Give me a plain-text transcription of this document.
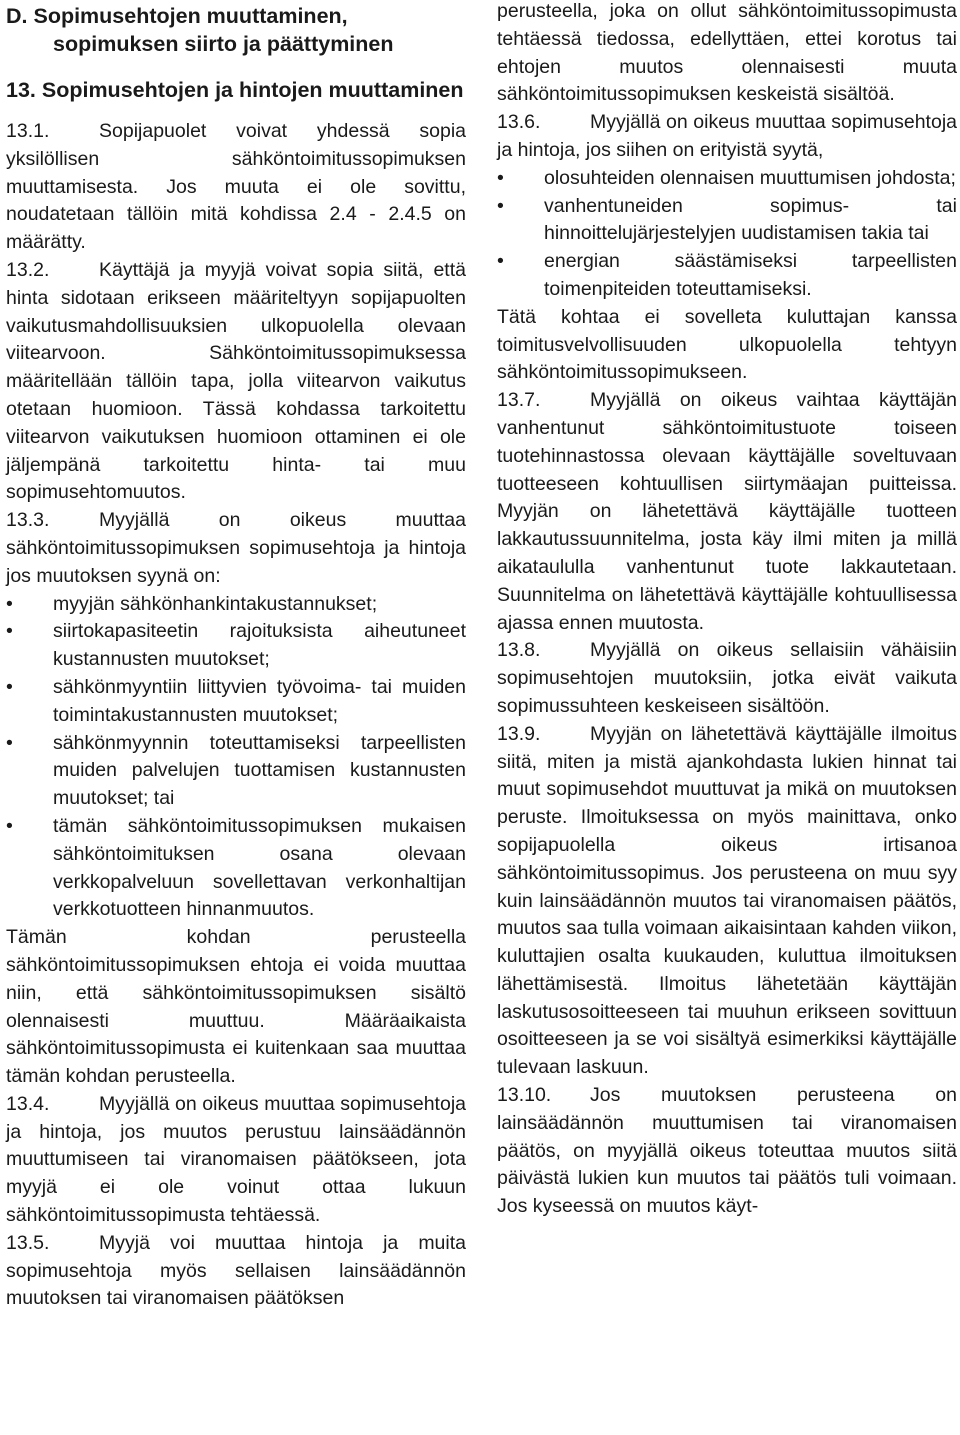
D. Sopimusehtojen muuttaminen, sopimuksen siirto ja päättyminen
13. Sopimusehtojen ja hintojen muuttaminen

13.1.	Sopijapuolet voivat yhdessä sopia yksilöllisen sähköntoimitussopimuksen muuttamisesta. Jos muuta ei ole sovittu, noudatetaan tällöin mitä kohdissa 2.4 - 2.4.5 on määrätty.

13.2.	Käyttäjä ja myyjä voivat sopia siitä, että hinta sidotaan erikseen määriteltyyn sopijapuolten vaikutusmahdollisuuksien ulkopuolella olevaan viitearvoon. Sähköntoimitussopimuksessa määritellään tällöin tapa, jolla viitearvon vaikutus otetaan huomioon. Tässä kohdassa tarkoitettu viitearvon vaikutuksen huomioon ottaminen ei ole jäljempänä tarkoitettu hinta- tai muu sopimusehtomuutos.

13.3.	Myyjällä on oikeus muuttaa sähköntoimitussopimuksen sopimusehtoja ja hintoja jos muutoksen syynä on:

• myyjän sähkönhankintakustannukset;
• siirtokapasiteetin rajoituksista aiheutuneet kustannusten muutokset;
• sähkönmyyntiin liittyvien työvoima- tai muiden toimintakustannusten muutokset;
• sähkönmyynnin toteuttamiseksi tarpeellisten muiden palvelujen tuottamisen kustannusten muutokset; tai
• tämän sähköntoimitussopimuksen mukaisen sähköntoimituksen osana olevaan verkkopalveluun sovellettavan verkonhaltijan verkkotuotteen hinnanmuutos.

Tämän kohdan perusteella sähköntoimitussopimuksen ehtoja ei voida muuttaa niin, että sähköntoimitussopimuksen sisältö olennaisesti muuttuu. Määräaikaista sähköntoimitussopimusta ei kuitenkaan saa muuttaa tämän kohdan perusteella.

13.4.	Myyjällä on oikeus muuttaa sopimusehtoja ja hintoja, jos muutos perustuu lainsäädännön muuttumiseen tai viranomaisen päätökseen, jota myyjä ei ole voinut ottaa lukuun sähköntoimitussopimusta tehtäessä.

13.5.	Myyjä voi muuttaa hintoja ja muita sopimusehtoja myös sellaisen lainsäädännön muutoksen tai viranomaisen päätöksen

perusteella, joka on ollut sähköntoimitussopimusta tehtäessä tiedossa, edellyttäen, ettei korotus tai ehtojen muutos olennaisesti muuta sähköntoimitussopimuksen keskeistä sisältöä.

13.6.	Myyjällä on oikeus muuttaa sopimusehtoja ja hintoja, jos siihen on erityistä syytä,

• olosuhteiden olennaisen muuttumisen johdosta;
• vanhentuneiden sopimus- tai hinnoittelujärjestelyjen uudistamisen takia tai
• energian säästämiseksi tarpeellisten toimenpiteiden toteuttamiseksi.

Tätä kohtaa ei sovelleta kuluttajan kanssa toimitusvelvollisuuden ulkopuolella tehtyyn sähköntoimitussopimukseen.

13.7.	Myyjällä on oikeus vaihtaa käyttäjän vanhentunut sähköntoimitustuote toiseen tuotehinnastossa olevaan käyttäjälle soveltuvaan tuotteeseen kohtuullisen siirtymäajan puitteissa. Myyjän on lähetettävä käyttäjälle tuotteen lakkautussuunnitelma, josta käy ilmi miten ja millä aikataululla vanhentunut tuote lakkautetaan. Suunnitelma on lähetettävä käyttäjälle kohtuullisessa ajassa ennen muutosta.

13.8.	Myyjällä on oikeus sellaisiin vähäisiin sopimusehtojen muutoksiin, jotka eivät vaikuta sopimussuhteen keskeiseen sisältöön.

13.9.	Myyjän on lähetettävä käyttäjälle ilmoitus siitä, miten ja mistä ajankohdasta lukien hinnat tai muut sopimusehdot muuttuvat ja mikä on muutoksen peruste. Ilmoituksessa on myös mainittava, onko sopijapuolella oikeus irtisanoa sähköntoimitussopimus. Jos perusteena on muu syy kuin lainsäädännön muutos tai viranomaisen päätös, muutos saa tulla voimaan aikaisintaan kahden viikon, kuluttajien osalta kuukauden, kuluttua ilmoituksen lähettämisestä. Ilmoitus lähetetään käyttäjän laskutusosoitteeseen tai muuhun erikseen sovittuun osoitteeseen ja se voi sisältyä esimerkiksi käyttäjälle tulevaan laskuun.

13.10. Jos muutoksen perusteena on lainsäädännön muuttumisen tai viranomaisen päätös, on myyjällä oikeus toteuttaa muutos siitä päivästä lukien kun muutos tai päätös tuli voimaan. Jos kyseessä on muutos käyt-
